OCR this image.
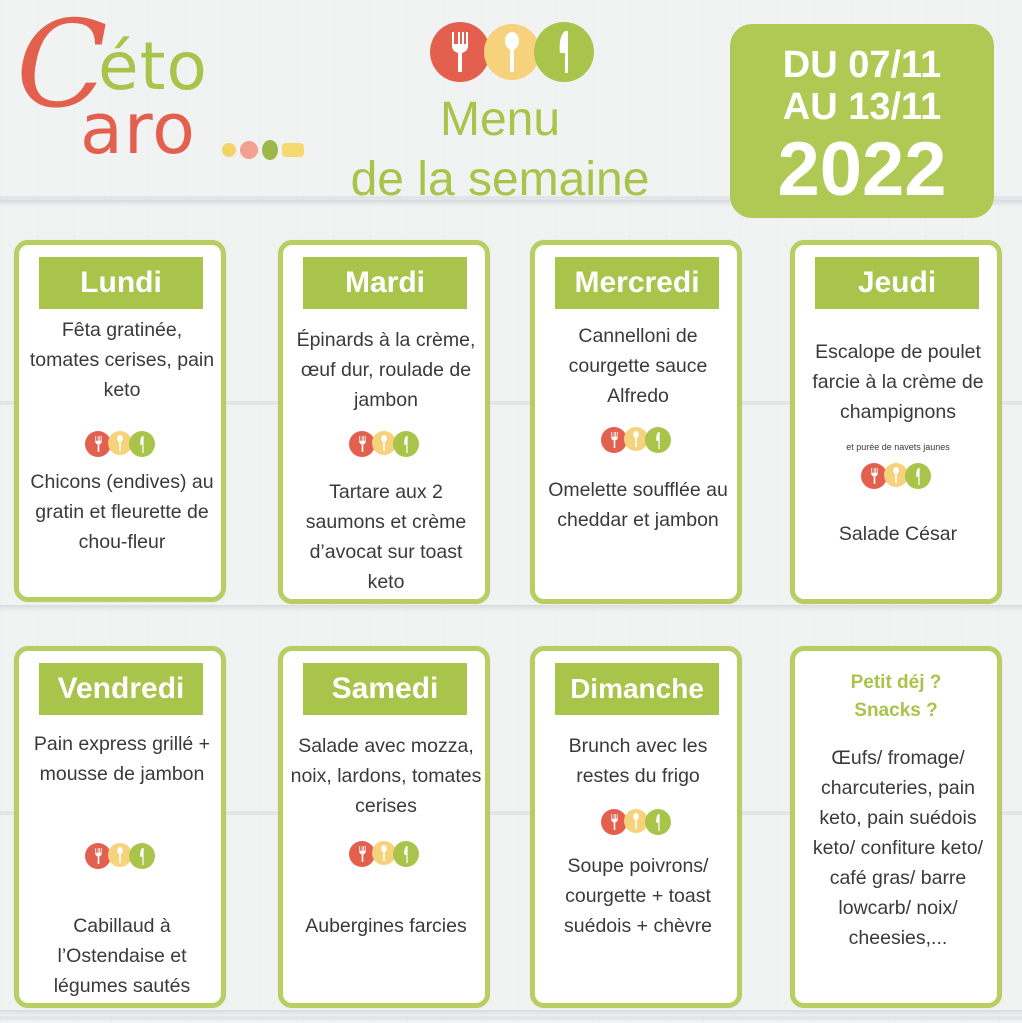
C
éto
aro	Menu
de la semaine
DU 07/11
AU 13/11
2022
Lundi
Fêta gratinée, tomates cerises, pain keto
Chicons (endives) au gratin et fleurette de chou-fleur
Mardi
Épinards à la crème, œuf dur, roulade de jambon
Tartare aux 2 saumons et crème d’avocat sur toast keto
Mercredi
Cannelloni de courgette sauce Alfredo
Omelette soufflée au cheddar et jambon
Jeudi
Escalope de poulet farcie à la crème de champignons
et purée de navets jaunes
Salade César
Vendredi
Pain express grillé + mousse de jambon
Cabillaud à l’Ostendaise et légumes sautés
Samedi
Salade avec mozza, noix, lardons, tomates cerises
Aubergines farcies
Dimanche
Brunch avec les restes du frigo
Soupe poivrons/ courgette + toast suédois + chèvre
Petit déj ?
Snacks ?
Œufs/ fromage/ charcuteries, pain keto, pain suédois keto/ confiture keto/ café gras/ barre lowcarb/ noix/ cheesies,...
